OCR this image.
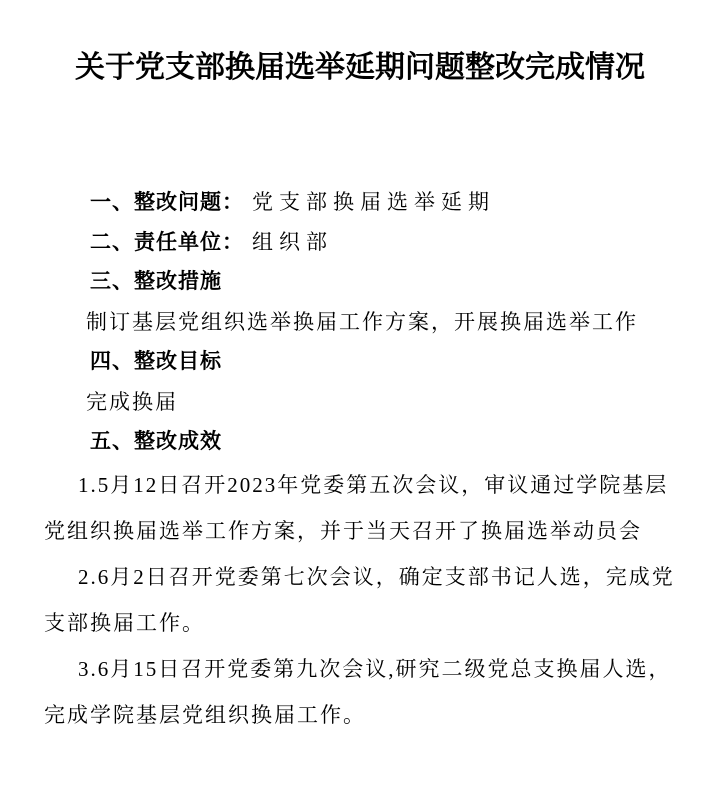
关于党支部换届选举延期问题整改完成情况
一、整改问题： 党支部换届选举延期
二、责任单位： 组织部
三、整改措施
制订基层党组织选举换届工作方案，开展换届选举工作
四、整改目标
完成换届
五、整改成效
1.5月12日召开2023年党委第五次会议，审议通过学院基层
党组织换届选举工作方案，并于当天召开了换届选举动员会
2.6月2日召开党委第七次会议，确定支部书记人选，完成党
支部换届工作。
3.6月15日召开党委第九次会议,研究二级党总支换届人选，
完成学院基层党组织换届工作。
